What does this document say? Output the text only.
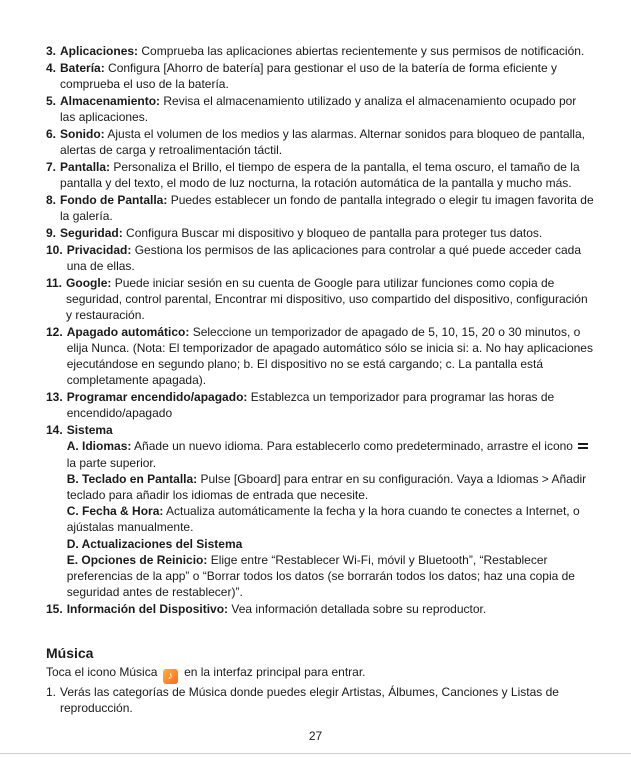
3. Aplicaciones: Comprueba las aplicaciones abiertas recientemente y sus permisos de notificación.
4. Batería: Configura [Ahorro de batería] para gestionar el uso de la batería de forma eficiente y comprueba el uso de la batería.
5. Almacenamiento: Revisa el almacenamiento utilizado y analiza el almacenamiento ocupado por las aplicaciones.
6. Sonido: Ajusta el volumen de los medios y las alarmas. Alternar sonidos para bloqueo de pantalla, alertas de carga y retroalimentación táctil.
7. Pantalla: Personaliza el Brillo, el tiempo de espera de la pantalla, el tema oscuro, el tamaño de la pantalla y del texto, el modo de luz nocturna, la rotación automática de la pantalla y mucho más.
8. Fondo de Pantalla: Puedes establecer un fondo de pantalla integrado o elegir tu imagen favorita de la galería.
9. Seguridad: Configura Buscar mi dispositivo y bloqueo de pantalla para proteger tus datos.
10. Privacidad: Gestiona los permisos de las aplicaciones para controlar a qué puede acceder cada una de ellas.
11. Google: Puede iniciar sesión en su cuenta de Google para utilizar funciones como copia de seguridad, control parental, Encontrar mi dispositivo, uso compartido del dispositivo, configuración y restauración.
12. Apagado automático: Seleccione un temporizador de apagado de 5, 10, 15, 20 o 30 minutos, o elija Nunca. (Nota: El temporizador de apagado automático sólo se inicia si: a. No hay aplicaciones ejecutándose en segundo plano; b. El dispositivo no se está cargando; c. La pantalla está completamente apagada).
13. Programar encendido/apagado: Establezca un temporizador para programar las horas de encendido/apagado
14. Sistema
A. Idiomas: Añade un nuevo idioma. Para establecerlo como predeterminado, arrastre el icono la parte superior.
B. Teclado en Pantalla: Pulse [Gboard] para entrar en su configuración. Vaya a Idiomas > Añadir teclado para añadir los idiomas de entrada que necesite.
C. Fecha & Hora: Actualiza automáticamente la fecha y la hora cuando te conectes a Internet, o ajústalas manualmente.
D. Actualizaciones del Sistema
E. Opciones de Reinicio: Elige entre “Restablecer Wi-Fi, móvil y Bluetooth”, “Restablecer preferencias de la app” o “Borrar todos los datos (se borrarán todos los datos; haz una copia de seguridad antes de restablecer)”.
15. Información del Dispositivo: Vea información detallada sobre su reproductor.
Música
Toca el icono Música ♪ en la interfaz principal para entrar.
1. Verás las categorías de Música donde puedes elegir Artistas, Álbumes, Canciones y Listas de reproducción.
27
